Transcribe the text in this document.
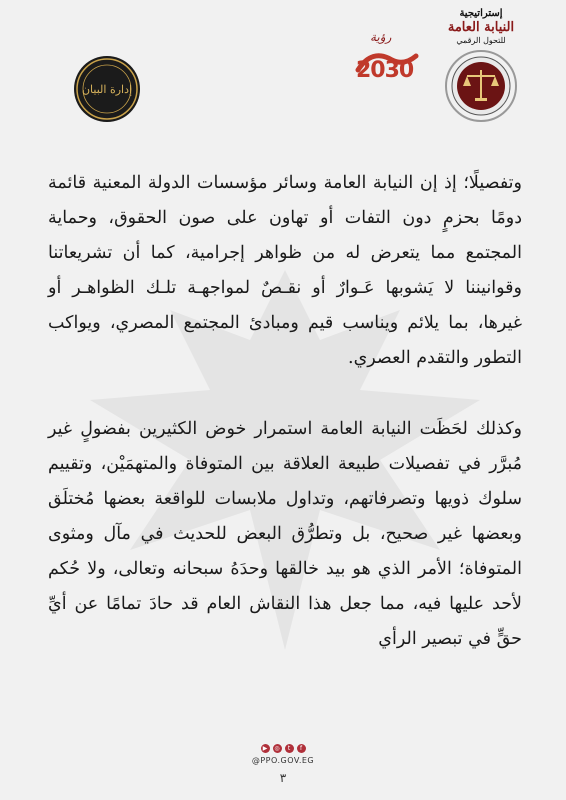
إستراتيجية
النيابة العامة
للتحول الرقمي
رؤية
2030
إدارة البيان

وتفصيلًا؛ إذ إن النيابة العامة وسائر مؤسسات الدولة المعنية قائمة دومًا بحزمٍ دون التفات أو تهاون على صون الحقوق، وحماية المجتمع مما يتعرض له من ظواهر إجرامية، كما أن تشريعاتنا وقوانيننا لا يَشوبها عَـوارٌ أو نقـصٌ لمواجهـة تلـك الظواهـر أو غيرها، بما يلائم ويناسب قيم ومبادئ المجتمع المصري، ويواكب التطور والتقدم العصري.

وكذلك لحَظَت النيابة العامة استمرار خوض الكثيرين بفضولٍ غير مُبرَّر في تفصيلات طبيعة العلاقة بين المتوفاة والمتهمَيْن، وتقييم سلوك ذويها وتصرفاتهم، وتداول ملابسات للواقعة بعضها مُختلَق وبعضها غير صحيح، بل وتطرُّق البعض للحديث في مآل ومثوى المتوفاة؛ الأمر الذي هو بيد خالقها وحدَهُ سبحانه وتعالى، ولا حُكم لأحد عليها فيه، مما جعل هذا النقاش العام قد حادَ تمامًا عن أيِّ حقٍّ في تبصير الرأي

▶	◎	t	f
@PPO.GOV.EG
٣
